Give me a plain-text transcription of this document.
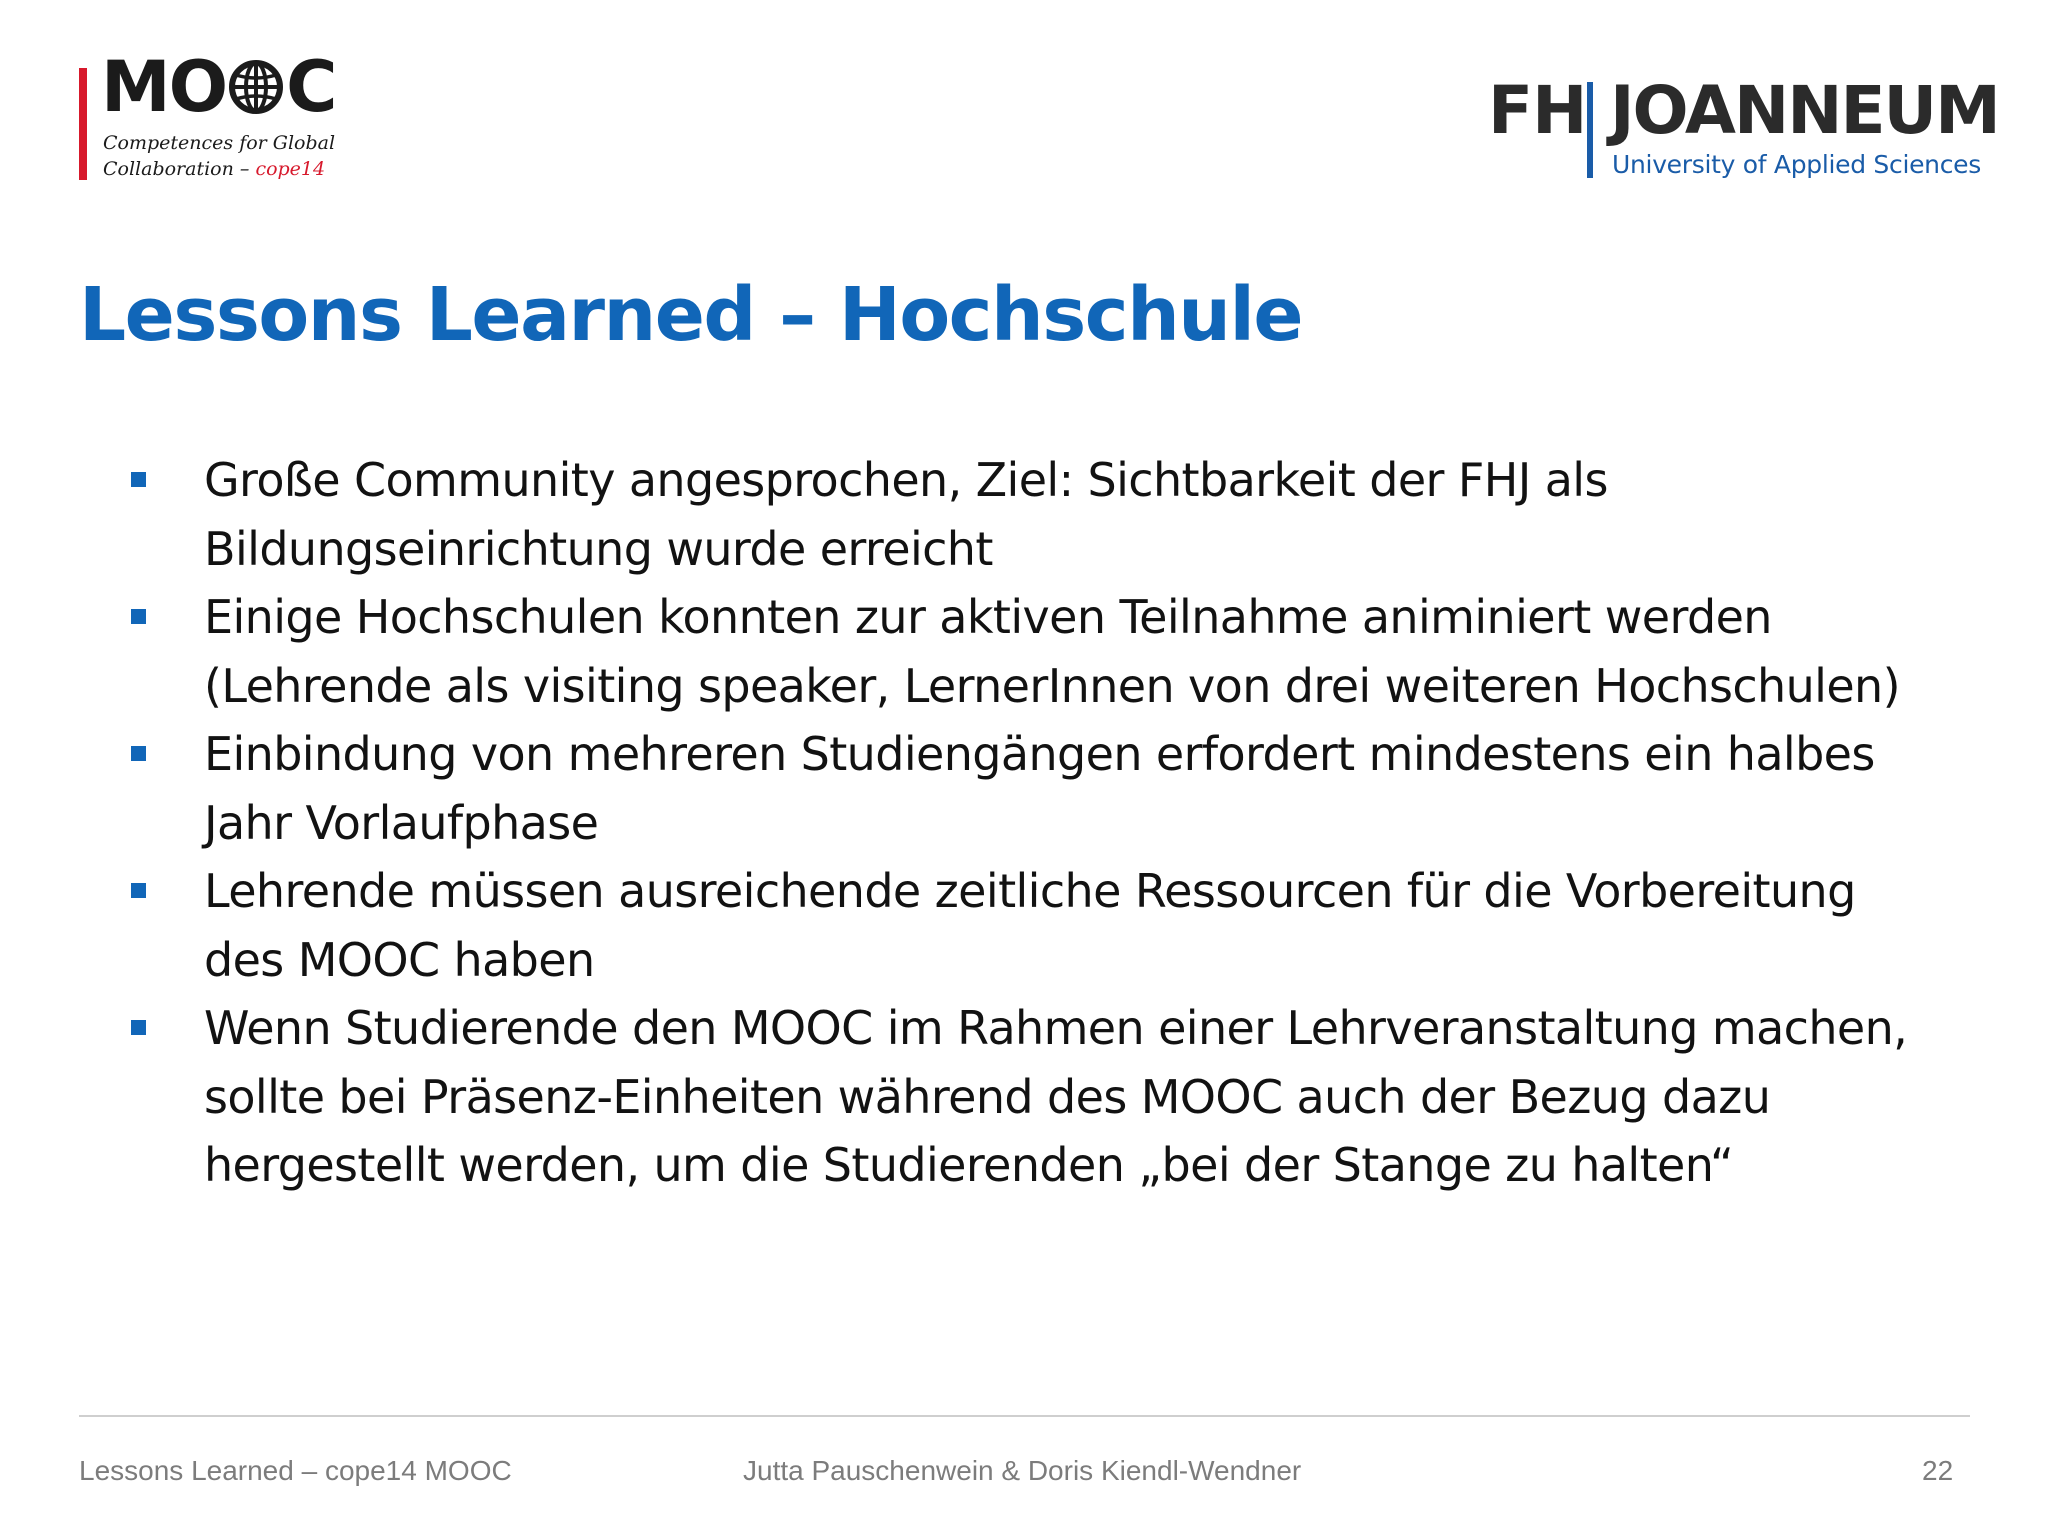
MO C
Competences for Global
Collaboration – cope14
FH JOANNEUM
University of Applied Sciences
Lessons Learned – Hochschule
Große Community angesprochen, Ziel: Sichtbarkeit der FHJ als Bildungseinrichtung wurde erreicht
Einige Hochschulen konnten zur aktiven Teilnahme animiniert werden (Lehrende als visiting speaker, LernerInnen von drei weiteren Hochschulen)
Einbindung von mehreren Studiengängen erfordert mindestens ein halbes Jahr Vorlaufphase
Lehrende müssen ausreichende zeitliche Ressourcen für die Vorbereitung des MOOC haben
Wenn Studierende den MOOC im Rahmen einer Lehrveranstaltung machen, sollte bei Präsenz-Einheiten während des MOOC auch der Bezug dazu hergestellt werden, um die Studierenden „bei der Stange zu halten“
Lessons Learned – cope14 MOOC	Jutta Pauschenwein & Doris Kiendl-Wendner	22
